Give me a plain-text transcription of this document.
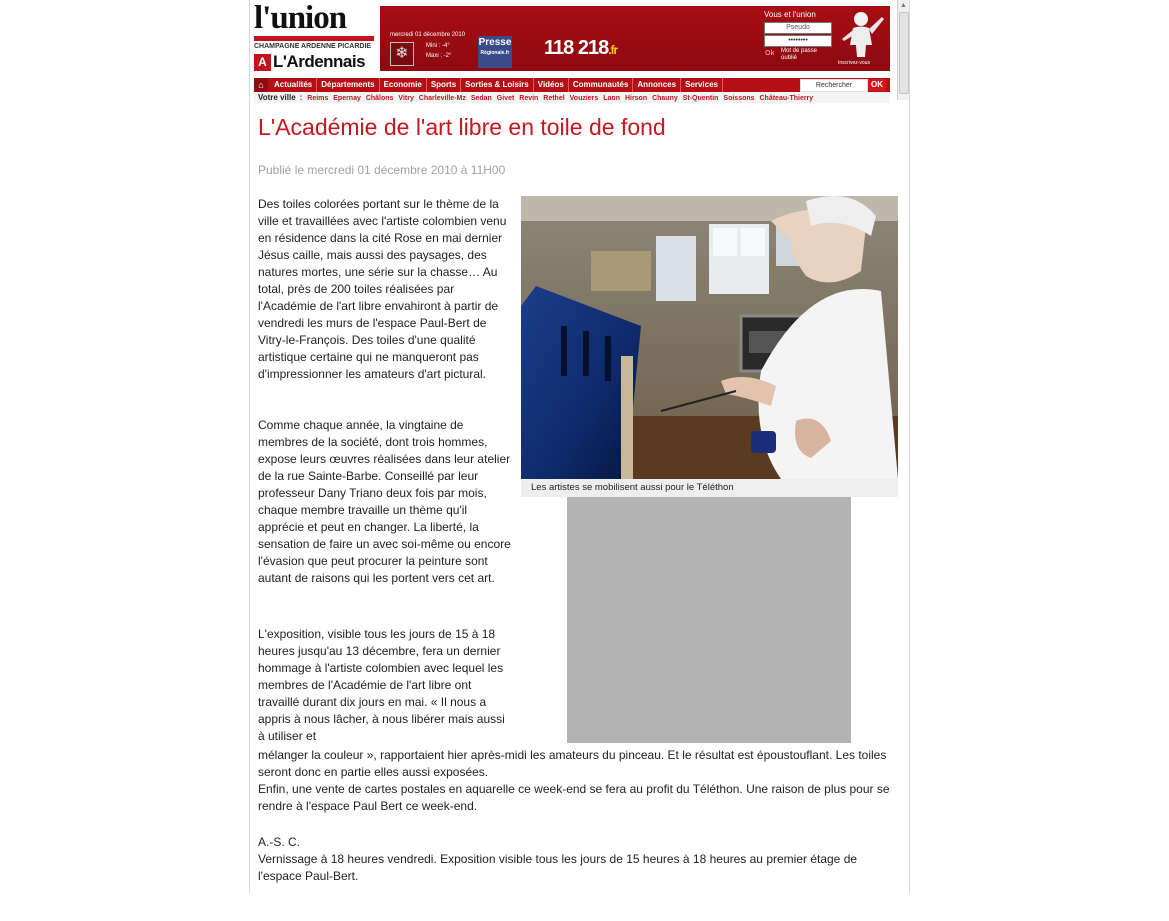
▲
l'union
CHAMPAGNE ARDENNE PICARDIE
A L'Ardennais
mercredi 01 décembre 2010
❄	Mini : -4°
Maxi : -2°
Presse
Régionale.fr 118 218.fr
Vous et l'union
Pseudo
••••••••
Ok Mot de passe oublié
Inscrivez-vous
⌂	Actualités	Départements	Economie	Sports	Sorties & Loisirs	Vidéos	Communautés	Annonces	Services	Rechercher	OK
Votre ville : Reims Epernay Châlons Vitry Charleville-Mz Sedan Givet Revin Rethel Vouziers Laon Hirson Chauny St-Quentin Soissons Château-Thierry
L'Académie de l'art libre en toile de fond
Publié le mercredi 01 décembre 2010 à 11H00
Les artistes se mobilisent aussi pour le Téléthon

Des toiles colorées portant sur le thème de la ville et travaillées avec l'artiste colombien venu en résidence dans la cité Rose en mai dernier Jésus caille, mais aussi des paysages, des natures mortes, une série sur la chasse… Au total, près de 200 toiles réalisées par l'Académie de l'art libre envahiront à partir de vendredi les murs de l'espace Paul-Bert de Vitry-le-François. Des toiles d'une qualité artistique certaine qui ne manqueront pas d'impressionner les amateurs d'art pictural.

Comme chaque année, la vingtaine de membres de la société, dont trois hommes, expose leurs œuvres réalisées dans leur atelier de la rue Sainte-Barbe. Conseillé par leur professeur Dany Triano deux fois par mois, chaque membre travaille un thème qu'il apprécie et peut en changer. La liberté, la sensation de faire un avec soi-même ou encore l'évasion que peut procurer la peinture sont autant de raisons qui les portent vers cet art.

L'exposition, visible tous les jours de 15 à 18 heures jusqu'au 13 décembre, fera un dernier hommage à l'artiste colombien avec lequel les membres de l'Académie de l'art libre ont travaillé durant dix jours en mai. « Il nous a appris à nous lâcher, à nous libérer mais aussi à utiliser et

mélanger la couleur », rapportaient hier après-midi les amateurs du pinceau. Et le résultat est époustouflant. Les toiles seront donc en partie elles aussi exposées.

Enfin, une vente de cartes postales en aquarelle ce week-end se fera au profit du Téléthon. Une raison de plus pour se rendre à l'espace Paul Bert ce week-end.

A.-S. C.

Vernissage à 18 heures vendredi. Exposition visible tous les jours de 15 heures à 18 heures au premier étage de l'espace Paul-Bert.
